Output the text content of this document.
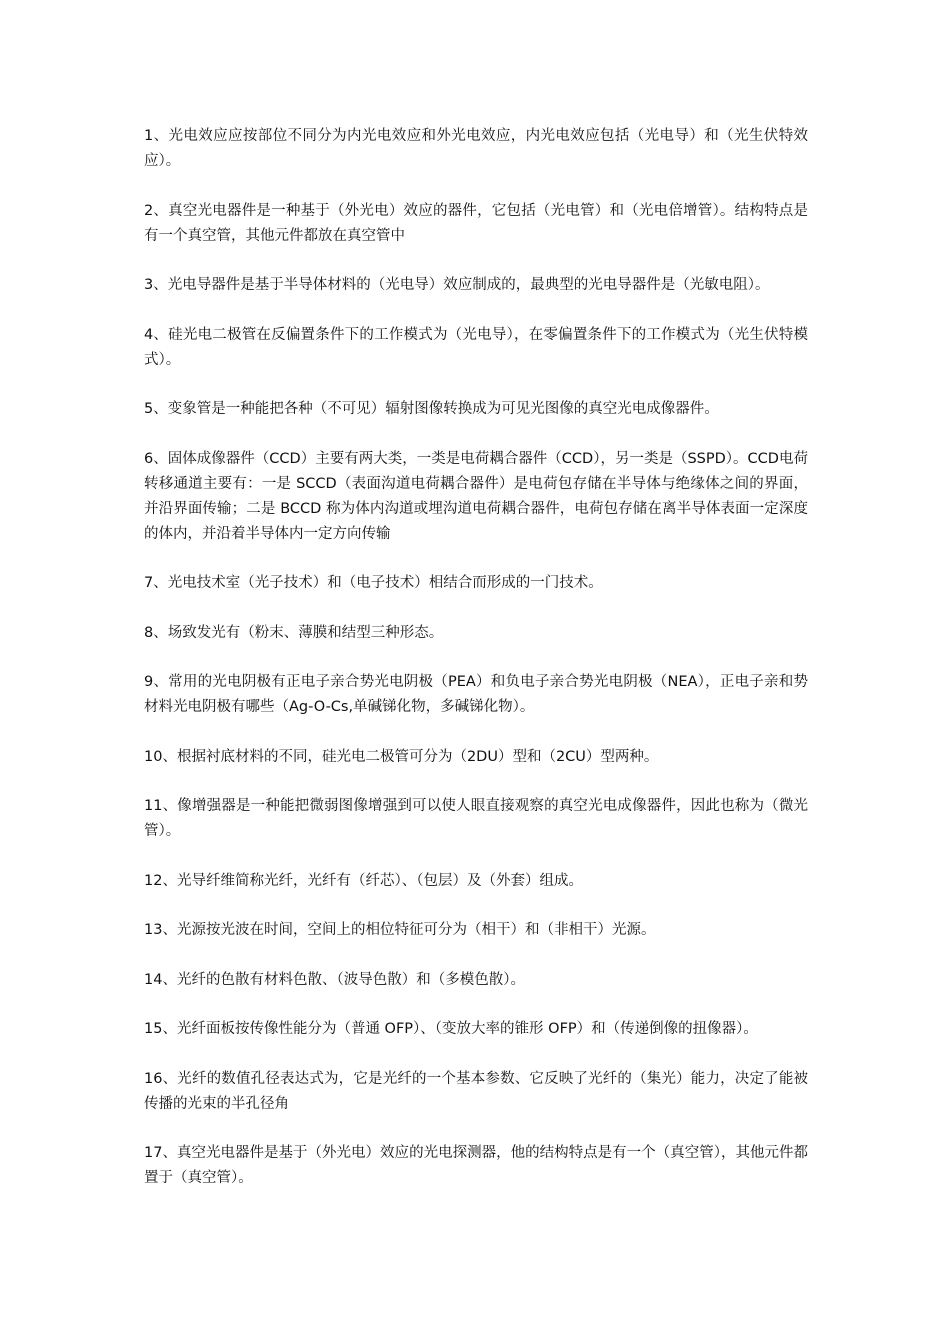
1、光电效应应按部位不同分为内光电效应和外光电效应，内光电效应包括（光电导）和（光生伏特效应）。

2、真空光电器件是一种基于（外光电）效应的器件，它包括（光电管）和（光电倍增管）。结构特点是有一个真空管，其他元件都放在真空管中

3、光电导器件是基于半导体材料的（光电导）效应制成的，最典型的光电导器件是（光敏电阻）。

4、硅光电二极管在反偏置条件下的工作模式为（光电导），在零偏置条件下的工作模式为（光生伏特模式）。

5、变象管是一种能把各种（不可见）辐射图像转换成为可见光图像的真空光电成像器件。

6、固体成像器件（CCD）主要有两大类，一类是电荷耦合器件（CCD），另一类是（SSPD）。CCD电荷转移通道主要有：一是 SCCD（表面沟道电荷耦合器件）是电荷包存储在半导体与绝缘体之间的界面，并沿界面传输；二是 BCCD 称为体内沟道或埋沟道电荷耦合器件，电荷包存储在离半导体表面一定深度的体内，并沿着半导体内一定方向传输

7、光电技术室（光子技术）和（电子技术）相结合而形成的一门技术。

8、场致发光有（粉末、薄膜和结型三种形态。

9、常用的光电阴极有正电子亲合势光电阴极（PEA）和负电子亲合势光电阴极（NEA），正电子亲和势材料光电阴极有哪些（Ag-O-Cs,单碱锑化物，多碱锑化物）。

10、根据衬底材料的不同，硅光电二极管可分为（2DU）型和（2CU）型两种。

11、像增强器是一种能把微弱图像增强到可以使人眼直接观察的真空光电成像器件，因此也称为（微光管）。

12、光导纤维简称光纤，光纤有（纤芯）、（包层）及（外套）组成。

13、光源按光波在时间，空间上的相位特征可分为（相干）和（非相干）光源。

14、光纤的色散有材料色散、（波导色散）和（多模色散）。

15、光纤面板按传像性能分为（普通 OFP）、（变放大率的锥形 OFP）和（传递倒像的扭像器）。

16、光纤的数值孔径表达式为，它是光纤的一个基本参数、它反映了光纤的（集光）能力，决定了能被传播的光束的半孔径角

17、真空光电器件是基于（外光电）效应的光电探测器，他的结构特点是有一个（真空管），其他元件都置于（真空管）。
